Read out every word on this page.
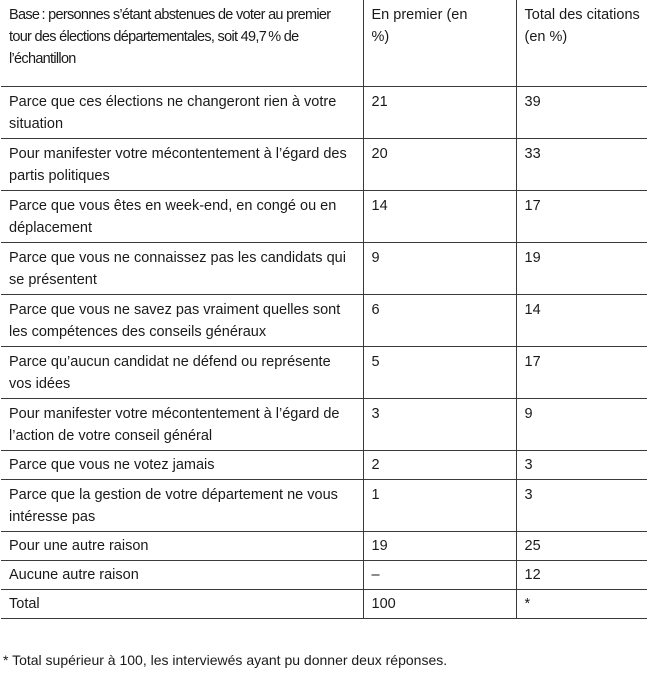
Base : personnes s’étant abstenues de voter au premier tour des élections départementales, soit 49,7 % de l’échantillon	En premier (en %)	Total des citations (en %)

Parce que ces élections ne changeront rien à votre situation	21	39
Pour manifester votre mécontentement à l’égard des partis politiques	20	33
Parce que vous êtes en week-end, en congé ou en déplacement	14	17
Parce que vous ne connaissez pas les candidats qui se présentent	9	19
Parce que vous ne savez pas vraiment quelles sont les compétences des conseils généraux	6	14
Parce qu’aucun candidat ne défend ou représente vos idées	5	17
Pour manifester votre mécontentement à l’égard de l’action de votre conseil général	3	9
Parce que vous ne votez jamais	2	3
Parce que la gestion de votre département ne vous intéresse pas	1	3
Pour une autre raison	19	25
Aucune autre raison	–	12
Total	100	*
* Total supérieur à 100, les interviewés ayant pu donner deux réponses.
